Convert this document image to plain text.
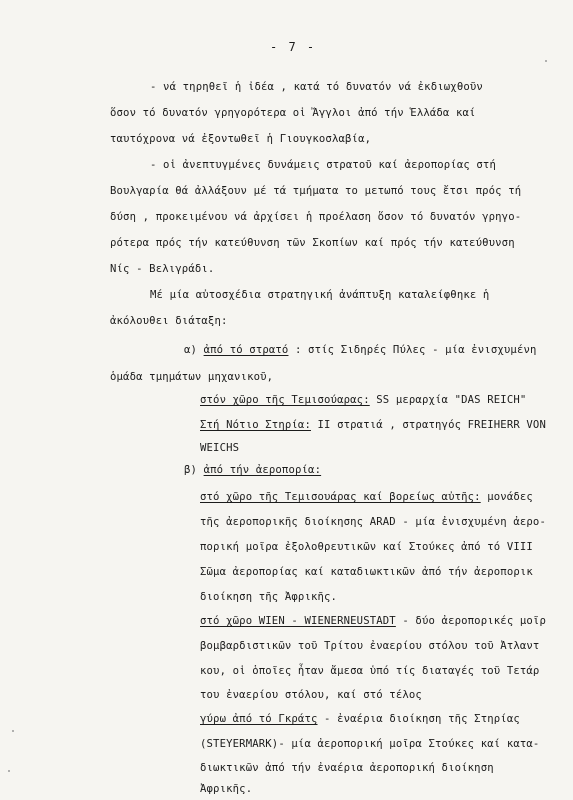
- 7 -
- νά τηρηθεῖ ἡ ἰδέα , κατά τό δυνατόν νά ἐκδιωχθοῦν
ὅσον τό δυνατόν γρηγορότερα οἱ Ἄγγλοι ἀπό τήν Ἑλλάδα καί
ταυτόχρονα νά ἐξοντωθεῖ ἡ Γιουγκοσλαβία,
- οἱ ἀνεπτυγμένες δυνάμεις στρατοῦ καί ἀεροπορίας στή
Βουλγαρία θά ἀλλάξουν μέ τά τμήματα το μετωπό τους ἔτσι πρός τή
δύση , προκειμένου νά ἀρχίσει ἡ προέλαση ὅσον τό δυνατόν γρηγο-
ρότερα πρός τήν κατεύθυνση τῶν Σκοπίων καί πρός τήν κατεύθυνση
Νίς - Βελιγράδι.
Μέ μία αὐτοσχέδια στρατηγική ἀνάπτυξη καταλείφθηκε ἡ
ἀκόλουθει διάταξη:
α) ἀπό τό στρατό : στίς Σιδηρές Πύλες - μία ἐνισχυμένη
ὁμάδα τμημάτων μηχανικοῦ,
στόν χῶρο τῆς Τεμισούαρας: SS μεραρχία "DAS REICH"
Στή Νότιο Στηρία: II στρατιά , στρατηγός FREIHERR VON
WEICHS
β) ἀπό τήν ἀεροπορία:
στό χῶρο τῆς Τεμισουάρας καί βορείως αὐτῆς: μονάδες
τῆς ἀεροπορικῆς διοίκησης ARAD - μία ἐνισχυμένη ἀερο-
πορική μοῖρα ἐξολοθρευτικῶν καί Στούκες ἀπό τό VIII
Σῶμα ἀεροπορίας καί καταδιωκτικῶν ἀπό τήν ἀεροπορικ
διοίκηση τῆς Ἀφρικῆς.
στό χῶρο WIEN - WIENERNEUSTADT - δύο ἀεροπορικές μοῖρ
βομβαρδιστικῶν τοῦ Τρίτου ἐναερίου στόλου τοῦ Ἀτλαντ
κου, οἱ ὁποῖες ἦταν ἄμεσα ὑπό τίς διαταγές τοῦ Τετάρ
του ἐναερίου στόλου, καί στό τέλος
γύρω ἀπό τό Γκράτς - ἐναέρια διοίκηση τῆς Στηρίας
(STEYERMARK)- μία ἀεροπορική μοῖρα Στούκες καί κατα-
διωκτικῶν ἀπό τήν ἐναέρια ἀεροπορική διοίκηση
Ἀφρικῆς.
